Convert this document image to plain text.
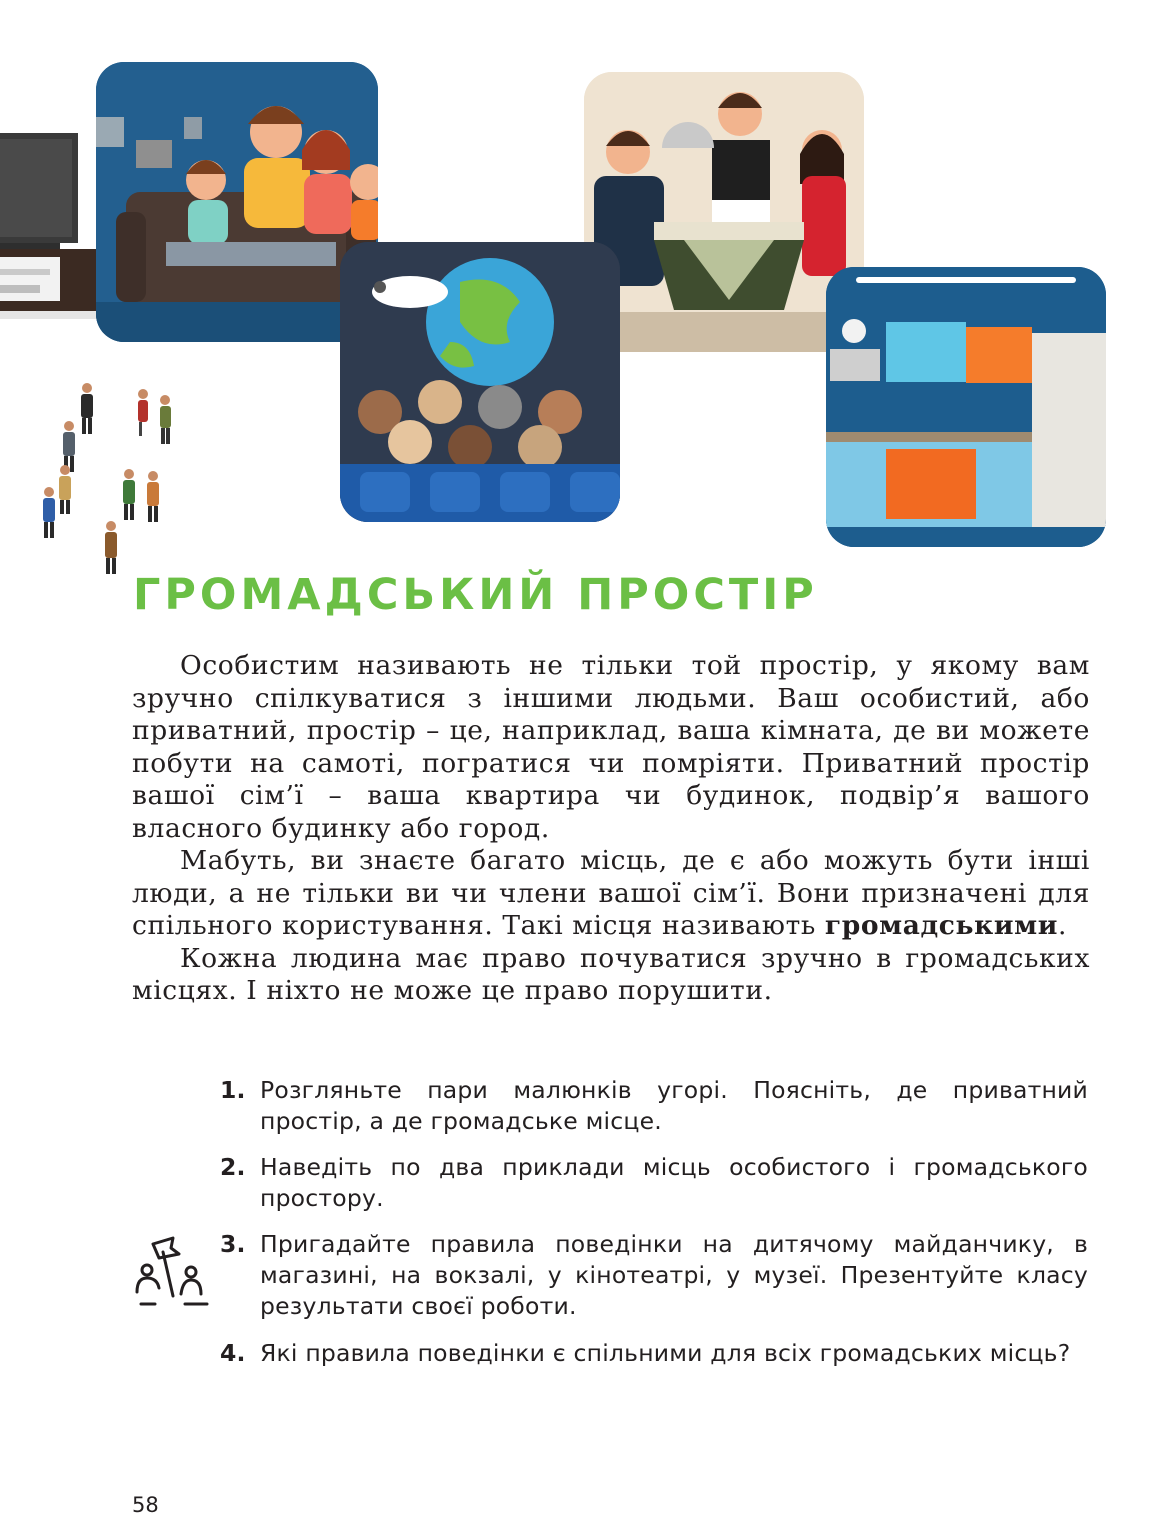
ГРОМАДСЬКИЙ ПРОСТІР

Особистим називають не тільки той простір, у якому вам зручно спілкуватися з іншими людьми. Ваш особистий, або приватний, простір – це, наприклад, ваша кімната, де ви можете побути на самоті, погратися чи помріяти. Приватний простір вашої сім’ї – ваша квартира чи будинок, подвір’я вашого власного будинку або город.

Мабуть, ви знаєте багато місць, де є або можуть бути інші люди, а не тільки ви чи члени вашої сім’ї. Вони призначені для спільного користування. Такі місця називають громадськими.

Кожна людина має право почуватися зручно в громадських місцях. І ніхто не може це право порушити.

1. Розгляньте пари малюнків угорі. Поясніть, де приватний простір, а де громадське місце.
2. Наведіть по два приклади місць особистого і громадського простору.
3. Пригадайте правила поведінки на дитячому майданчику, в магазині, на вокзалі, у кінотеатрі, у музеї. Презентуйте класу результати своєї роботи.
4. Які правила поведінки є спільними для всіх громадських місць?
58
